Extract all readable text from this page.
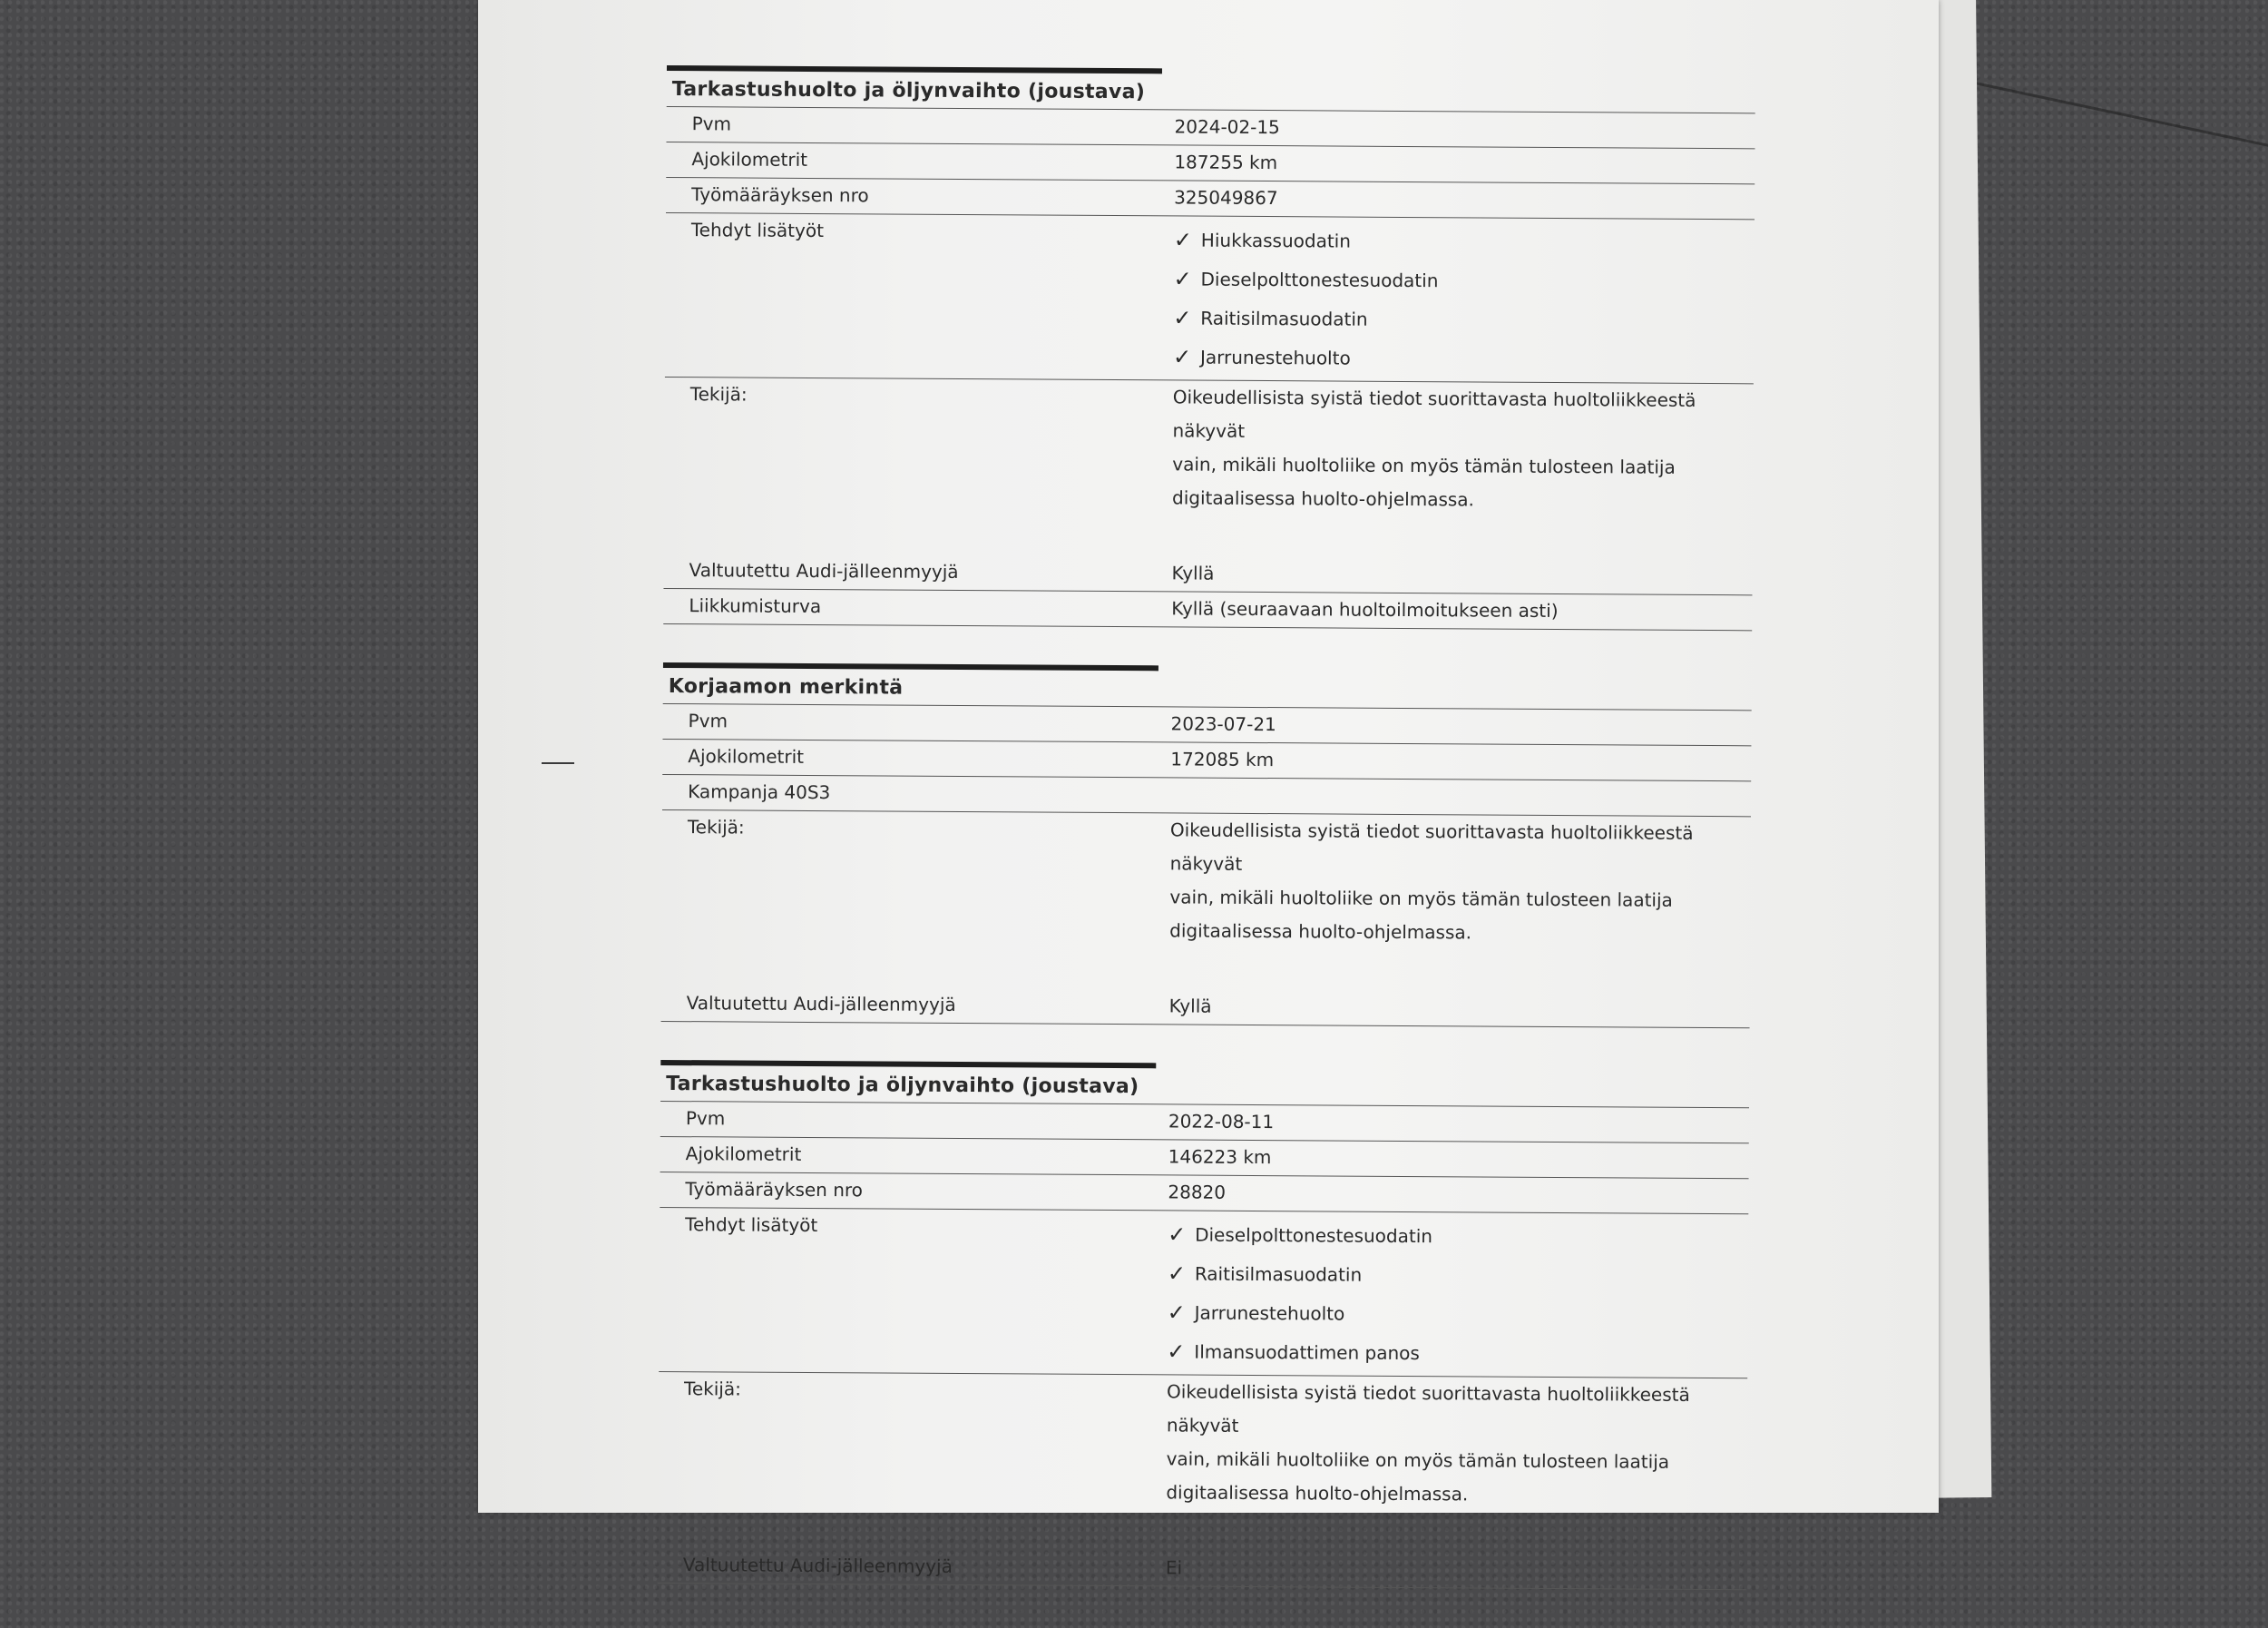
Tarkastushuolto ja öljynvaihto (joustava)
Pvm	2024-02-15
Ajokilometrit	187255 km
Työmääräyksen nro	325049867
Tehdyt lisätyöt	✓ Hiukkassuodatin
✓ Dieselpolttonestesuodatin
✓ Raitisilmasuodatin
✓ Jarrunestehuolto
Tekijä:	Oikeudellisista syistä tiedot suorittavasta huoltoliikkeestä näkyvät

vain, mikäli huoltoliike on myös tämän tulosteen laatija

digitaalisessa huolto-ohjelmassa.

Valtuutettu Audi-jälleenmyyjä	Kyllä
Liikkumisturva	Kyllä (seuraavaan huoltoilmoitukseen asti)
Korjaamon merkintä
Pvm	2023-07-21
Ajokilometrit	172085 km
Kampanja 40S3
Tekijä:	Oikeudellisista syistä tiedot suorittavasta huoltoliikkeestä näkyvät

vain, mikäli huoltoliike on myös tämän tulosteen laatija

digitaalisessa huolto-ohjelmassa.

Valtuutettu Audi-jälleenmyyjä	Kyllä
Tarkastushuolto ja öljynvaihto (joustava)
Pvm	2022-08-11
Ajokilometrit	146223 km
Työmääräyksen nro	28820
Tehdyt lisätyöt	✓ Dieselpolttonestesuodatin
✓ Raitisilmasuodatin
✓ Jarrunestehuolto
✓ Ilmansuodattimen panos
Tekijä:	Oikeudellisista syistä tiedot suorittavasta huoltoliikkeestä näkyvät

vain, mikäli huoltoliike on myös tämän tulosteen laatija

digitaalisessa huolto-ohjelmassa.

Valtuutettu Audi-jälleenmyyjä	Ei
